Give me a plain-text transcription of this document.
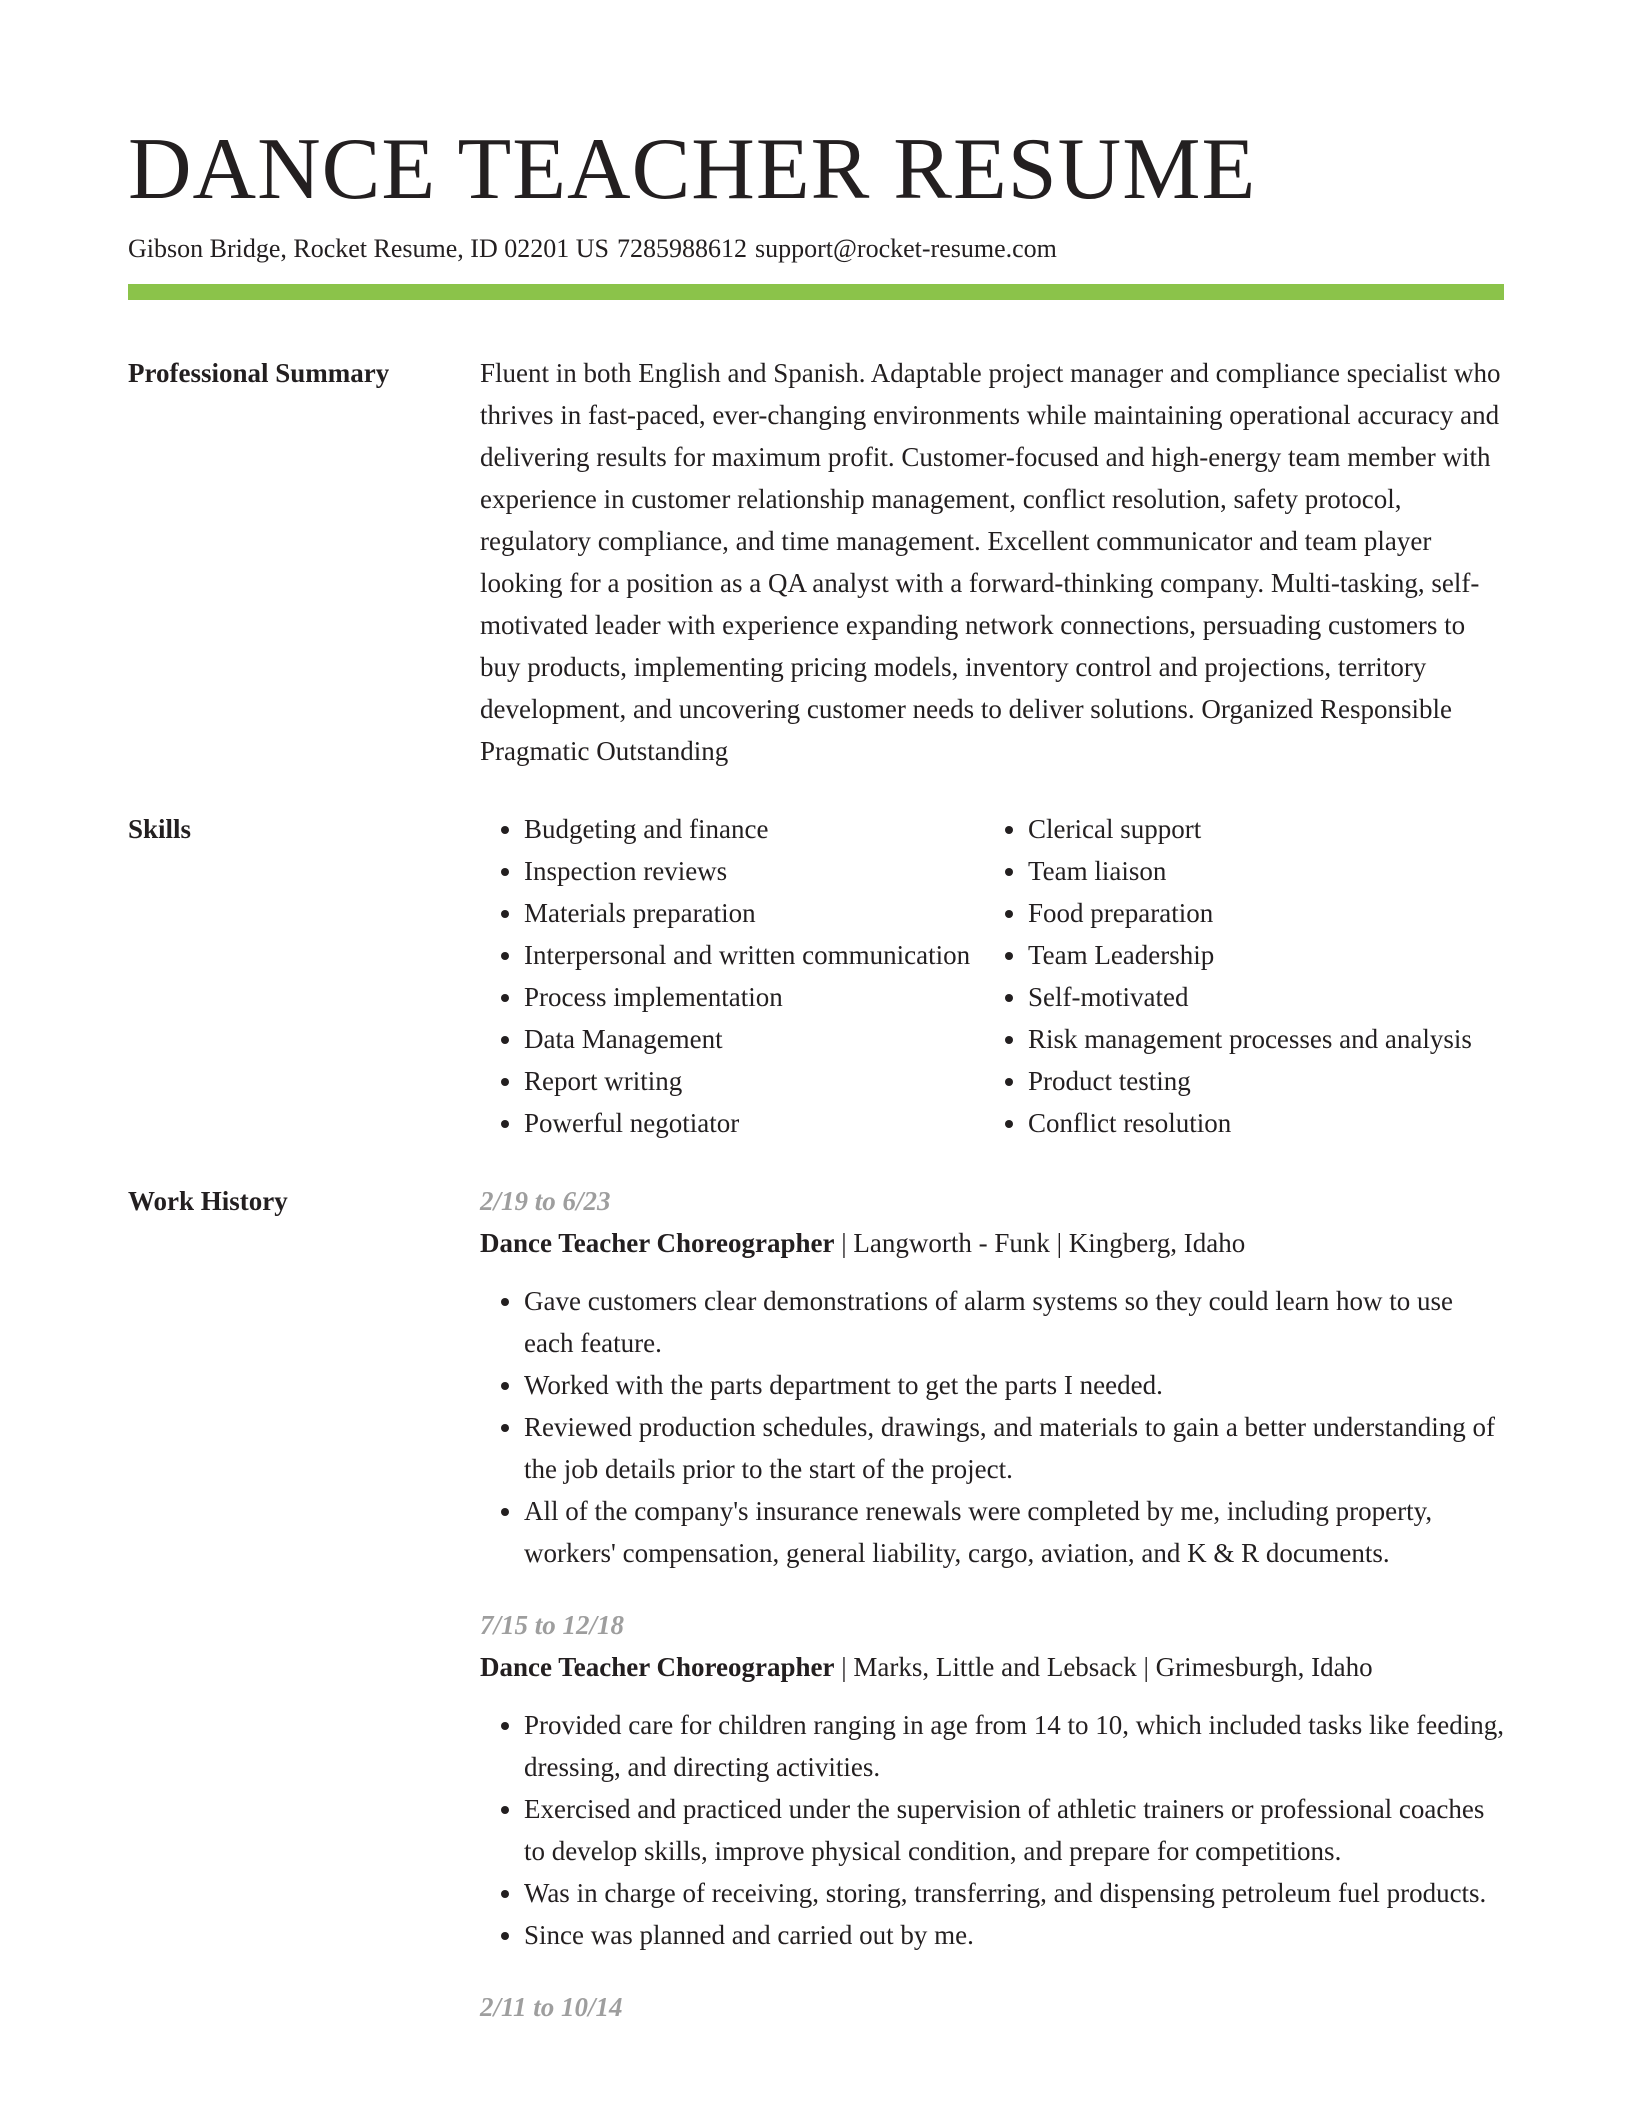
DANCE TEACHER RESUME
Gibson Bridge, Rocket Resume, ID 02201 US 7285988612 support@rocket-resume.com
Professional Summary	Fluent in both English and Spanish. Adaptable project manager and compliance specialist who thrives in fast-paced, ever-changing environments while maintaining operational accuracy and delivering results for maximum profit. Customer-focused and high-energy team member with experience in customer relationship management, conflict resolution, safety protocol, regulatory compliance, and time management. Excellent communicator and team player looking for a position as a QA analyst with a forward-thinking company. Multi-tasking, self-motivated leader with experience expanding network connections, persuading customers to buy products, implementing pricing models, inventory control and projections, territory development, and uncovering customer needs to deliver solutions. Organized Responsible Pragmatic Outstanding

Skills
•	Budgeting and finance
• Inspection reviews
• Materials preparation
• Interpersonal and written communication
• Process implementation
• Data Management
• Report writing
• Powerful negotiator
• Clerical support
• Team liaison
• Food preparation
• Team Leadership
• Self-motivated
• Risk management processes and analysis
• Product testing
• Conflict resolution
Work History	2/19 to 6/23
Dance Teacher Choreographer | Langworth - Funk | Kingberg, Idaho
• Gave customers clear demonstrations of alarm systems so they could learn how to use each feature.
• Worked with the parts department to get the parts I needed.
• Reviewed production schedules, drawings, and materials to gain a better understanding of the job details prior to the start of the project.
• All of the company's insurance renewals were completed by me, including property, workers' compensation, general liability, cargo, aviation, and K & R documents.
7/15 to 12/18
Dance Teacher Choreographer | Marks, Little and Lebsack | Grimesburgh, Idaho
• Provided care for children ranging in age from 14 to 10, which included tasks like feeding, dressing, and directing activities.
• Exercised and practiced under the supervision of athletic trainers or professional coaches to develop skills, improve physical condition, and prepare for competitions.
• Was in charge of receiving, storing, transferring, and dispensing petroleum fuel products.
• Since was planned and carried out by me.
2/11 to 10/14
